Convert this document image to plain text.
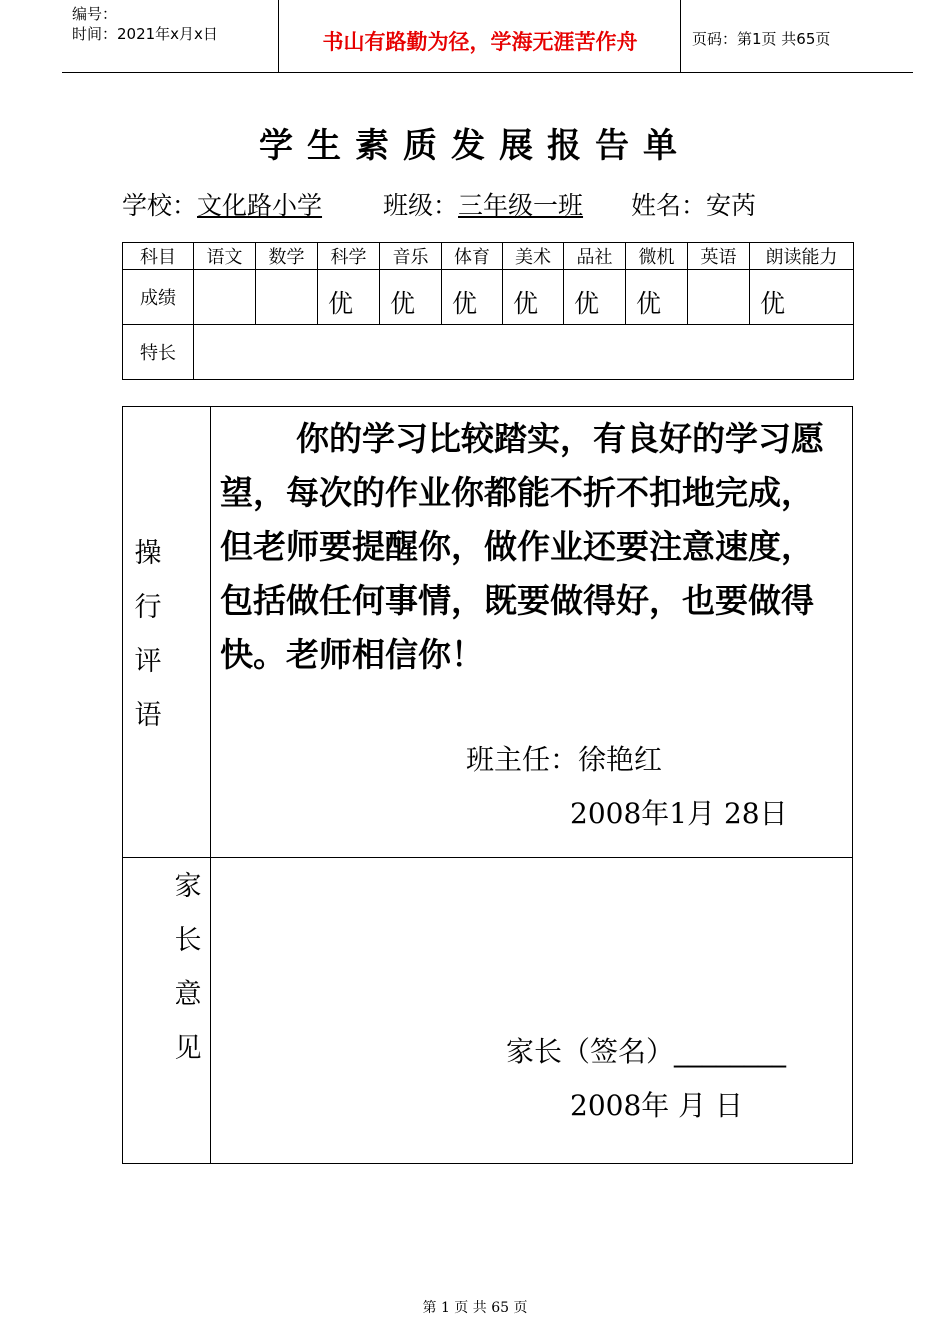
编号：
时间：2021年x月x日	书山有路勤为径，学海无涯苦作舟	页码：第1页 共65页
学生素质发展报告单
学校：文化路小学 班级：三年级一班 姓名：安芮
科目	语文	数学	科学	音乐	体育	美术	品社	微机	英语	朗读能力
成绩			优	优	优	优	优	优		优
特长										
操
行
评
语
你的学习比较踏实，有良好的学习愿望，每次的作业你都能不折不扣地完成，但老师要提醒你，做作业还要注意速度，包括做任何事情，既要做得好，也要做得快。老师相信你！
班主任：徐艳红
2008年1月 28日
家
长
意
见	家长（签名）________
2008年 月 日
第 1 页 共 65 页
